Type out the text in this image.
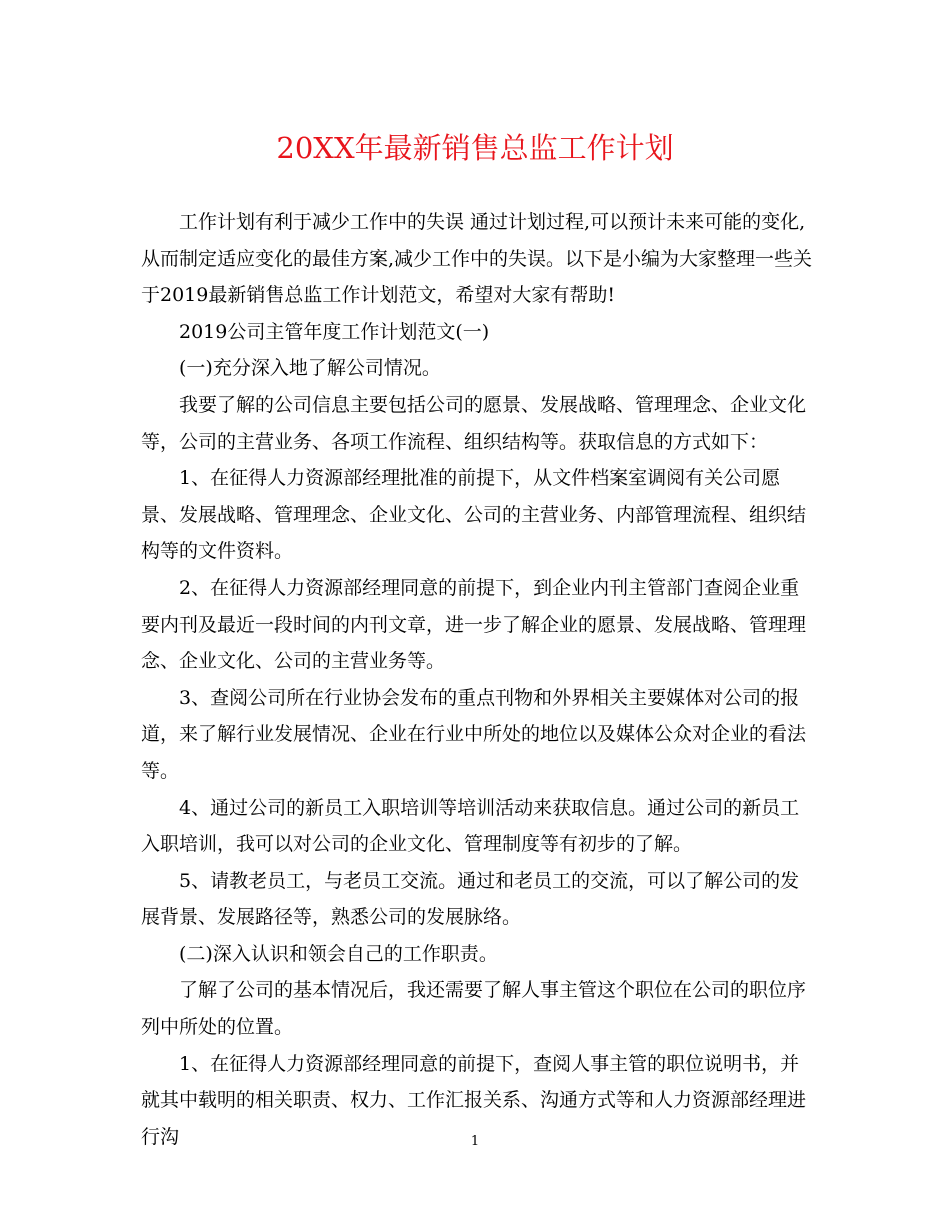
20XX年最新销售总监工作计划

工作计划有利于减少工作中的失误 通过计划过程,可以预计未来可能的变化,从而制定适应变化的最佳方案,减少工作中的失误。以下是小编为大家整理一些关于2019最新销售总监工作计划范文，希望对大家有帮助!

2019公司主管年度工作计划范文(一)

(一)充分深入地了解公司情况。

我要了解的公司信息主要包括公司的愿景、发展战略、管理理念、企业文化等，公司的主营业务、各项工作流程、组织结构等。获取信息的方式如下：

1、在征得人力资源部经理批准的前提下，从文件档案室调阅有关公司愿景、发展战略、管理理念、企业文化、公司的主营业务、内部管理流程、组织结构等的文件资料。

2、在征得人力资源部经理同意的前提下，到企业内刊主管部门查阅企业重要内刊及最近一段时间的内刊文章，进一步了解企业的愿景、发展战略、管理理念、企业文化、公司的主营业务等。

3、查阅公司所在行业协会发布的重点刊物和外界相关主要媒体对公司的报道，来了解行业发展情况、企业在行业中所处的地位以及媒体公众对企业的看法等。

4、通过公司的新员工入职培训等培训活动来获取信息。通过公司的新员工入职培训，我可以对公司的企业文化、管理制度等有初步的了解。

5、请教老员工，与老员工交流。通过和老员工的交流，可以了解公司的发展背景、发展路径等，熟悉公司的发展脉络。

(二)深入认识和领会自己的工作职责。

了解了公司的基本情况后，我还需要了解人事主管这个职位在公司的职位序列中所处的位置。

1、在征得人力资源部经理同意的前提下，查阅人事主管的职位说明书，并就其中载明的相关职责、权力、工作汇报关系、沟通方式等和人力资源部经理进行沟	1
